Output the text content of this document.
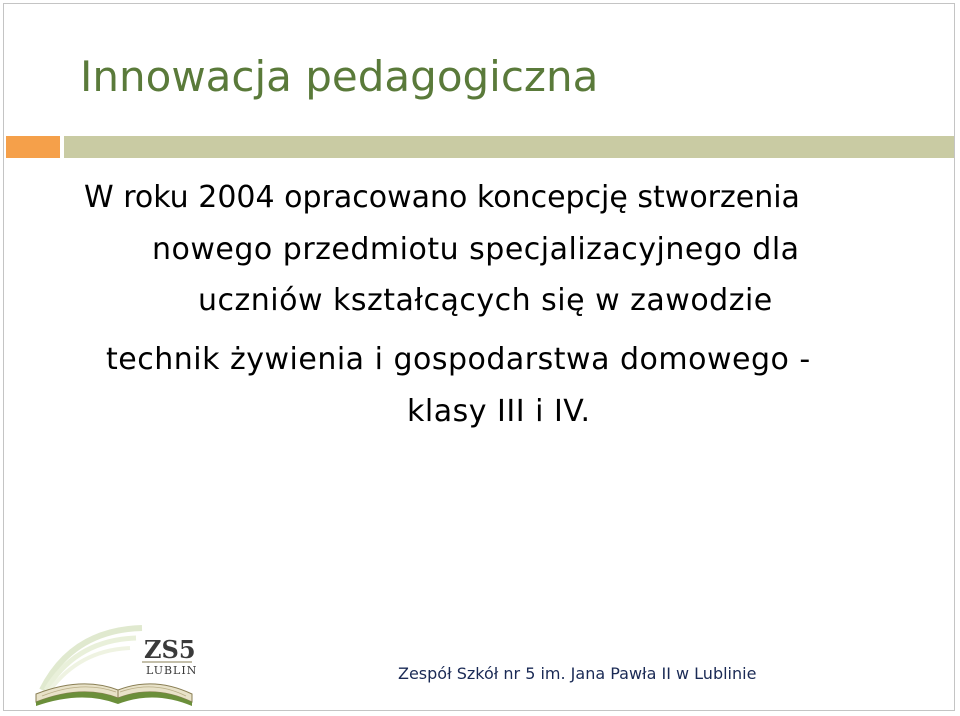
Innowacja pedagogiczna
W roku 2004 opracowano koncepcję stworzenia
nowego przedmiotu specjalizacyjnego dla
uczniów kształcących się w zawodzie
technik żywienia i gospodarstwa domowego -
klasy III i IV.
ZS5
LUBLIN	Zespół Szkół nr 5 im. Jana Pawła II w Lublinie
